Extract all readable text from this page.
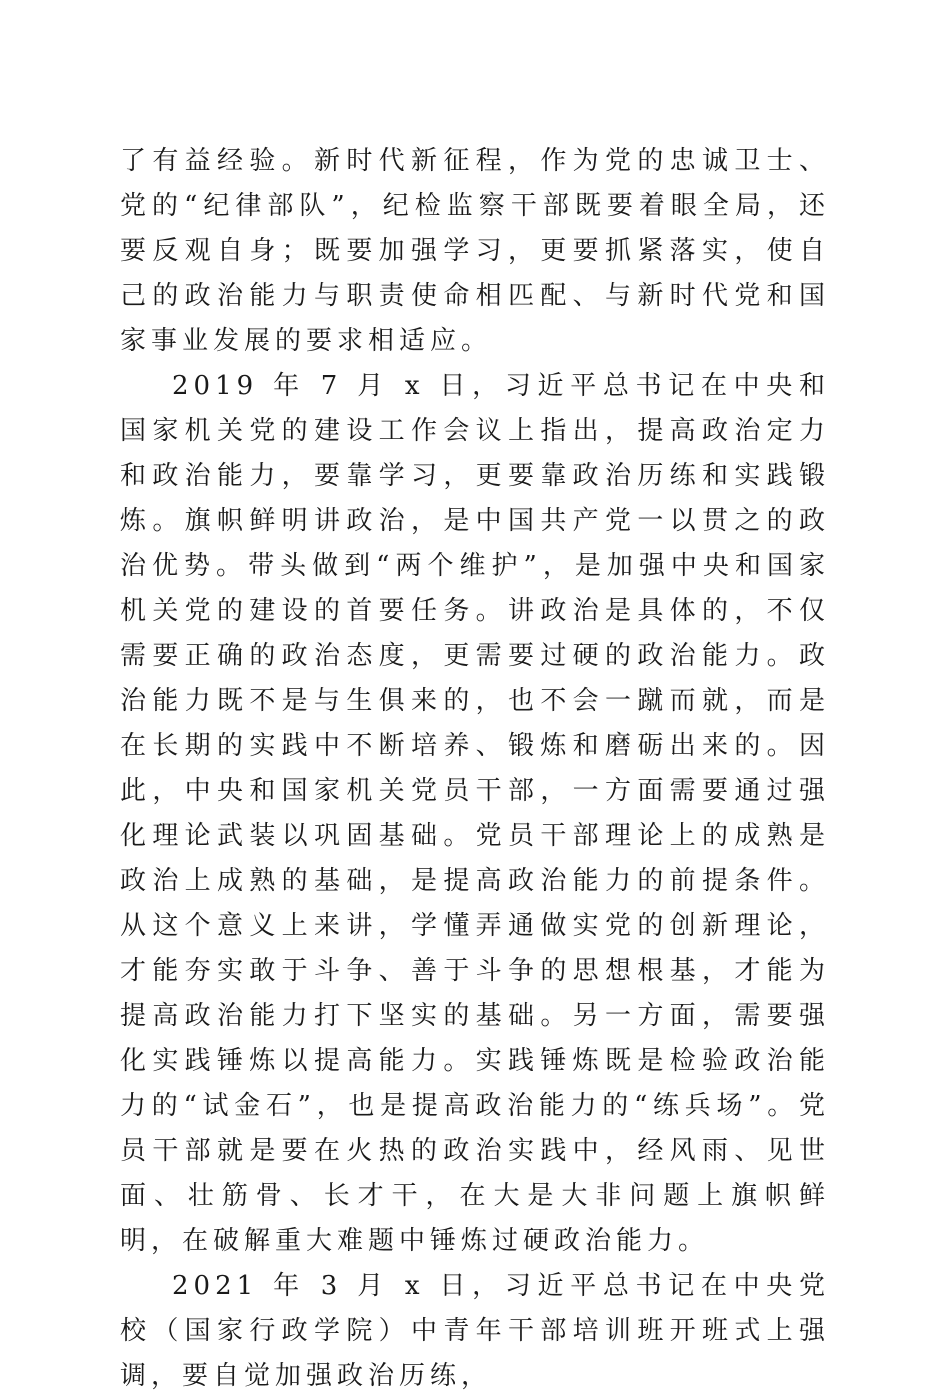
了有益经验。新时代新征程，作为党的忠诚卫士、党的“纪律部队”，纪检监察干部既要着眼全局，还要反观自身；既要加强学习，更要抓紧落实，使自己的政治能力与职责使命相匹配、与新时代党和国家事业发展的要求相适应。

2019 年 7 月 x 日，习近平总书记在中央和国家机关党的建设工作会议上指出，提高政治定力和政治能力，要靠学习，更要靠政治历练和实践锻炼。旗帜鲜明讲政治，是中国共产党一以贯之的政治优势。带头做到“两个维护”，是加强中央和国家机关党的建设的首要任务。讲政治是具体的，不仅需要正确的政治态度，更需要过硬的政治能力。政治能力既不是与生俱来的，也不会一蹴而就，而是在长期的实践中不断培养、锻炼和磨砺出来的。因此，中央和国家机关党员干部，一方面需要通过强化理论武装以巩固基础。党员干部理论上的成熟是政治上成熟的基础，是提高政治能力的前提条件。从这个意义上来讲，学懂弄通做实党的创新理论，才能夯实敢于斗争、善于斗争的思想根基，才能为提高政治能力打下坚实的基础。另一方面，需要强化实践锤炼以提高能力。实践锤炼既是检验政治能力的“试金石”，也是提高政治能力的“练兵场”。党员干部就是要在火热的政治实践中，经风雨、见世面、壮筋骨、长才干，在大是大非问题上旗帜鲜明，在破解重大难题中锤炼过硬政治能力。

2021 年 3 月 x 日，习近平总书记在中央党校（国家行政学院）中青年干部培训班开班式上强调，要自觉加强政治历练，
